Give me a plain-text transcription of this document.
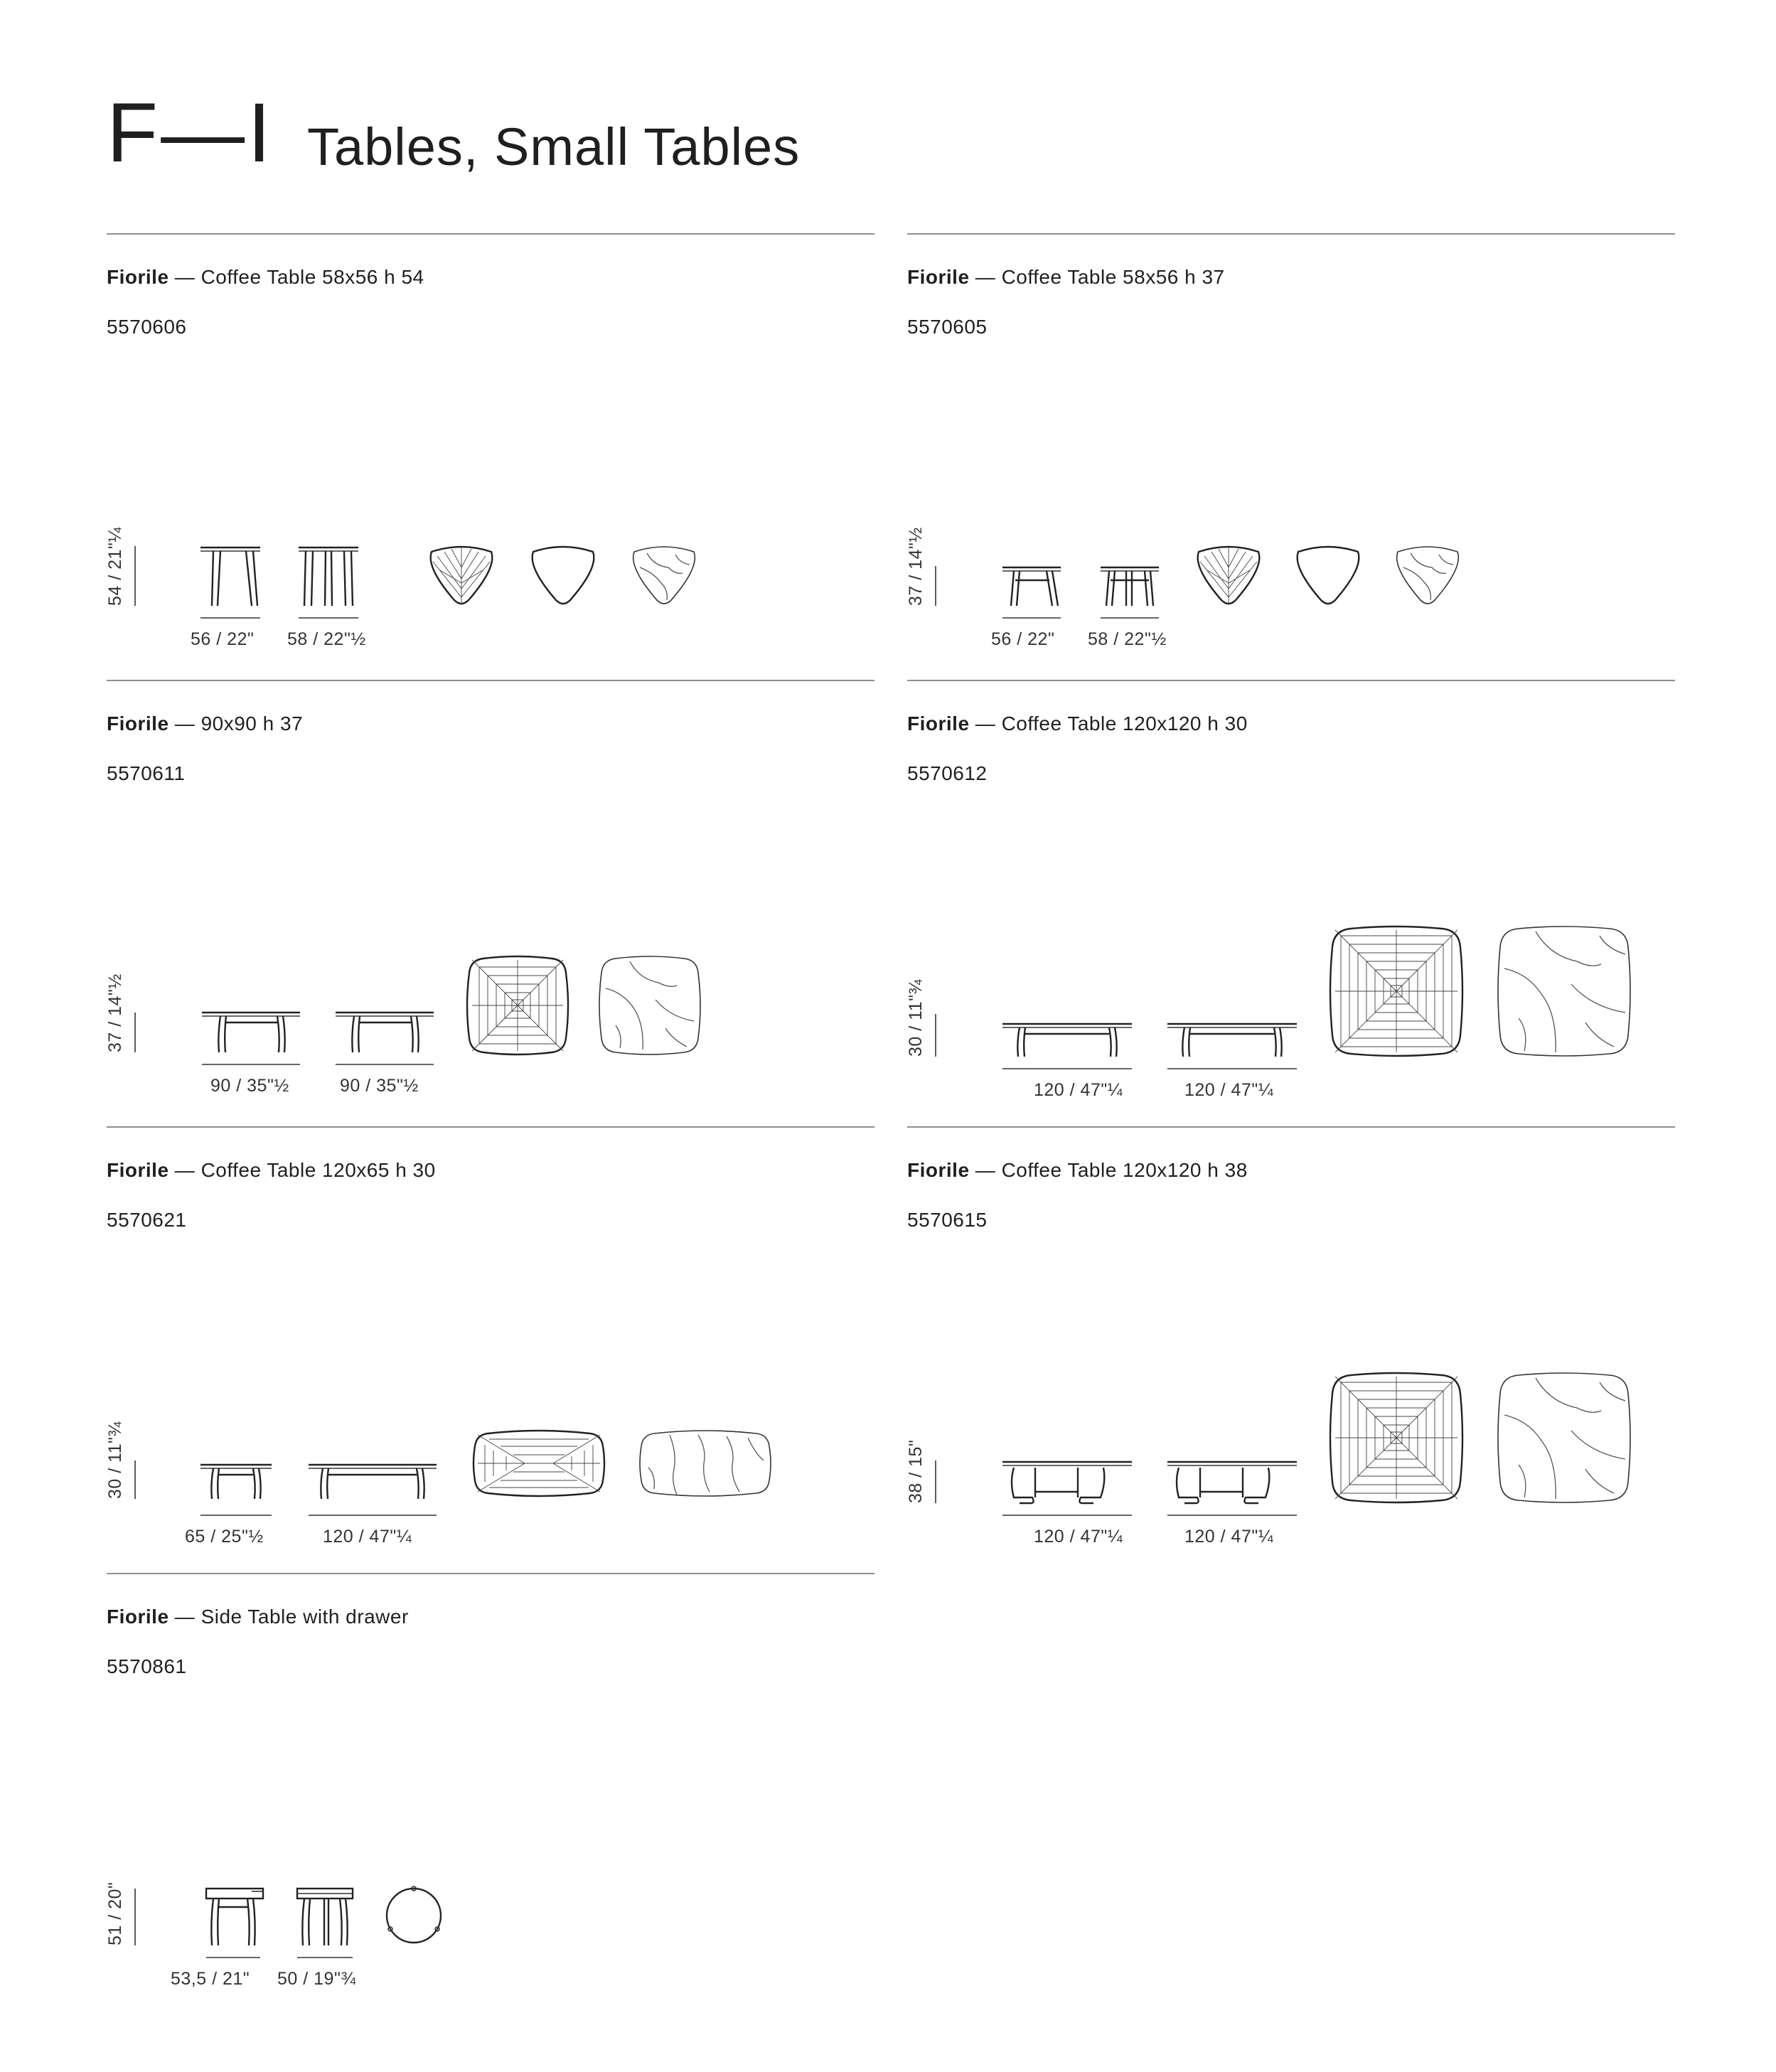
F—I Tables, Small Tables
Fiorile — Coffee Table 58x56 h 54
5570606
54 / 21"¼
56 / 22" 58 / 22"½
Fiorile — Coffee Table 58x56 h 37
5570605
37 / 14"½
56 / 22" 58 / 22"½
Fiorile — 90x90 h 37
5570611
37 / 14"½
90 / 35"½	90 / 35"½
Fiorile — Coffee Table 120x120 h 30
5570612
30 / 11"¾
120 / 47"¼	120 / 47"¼
Fiorile — Coffee Table 120x65 h 30
5570621
30 / 11"¾
65 / 25"½	120 / 47"¼
Fiorile — Coffee Table 120x120 h 38
5570615
38 / 15"
120 / 47"¼	120 / 47"¼
Fiorile — Side Table with drawer
5570861
51 / 20"
53,5 / 21" 50 / 19"¾
